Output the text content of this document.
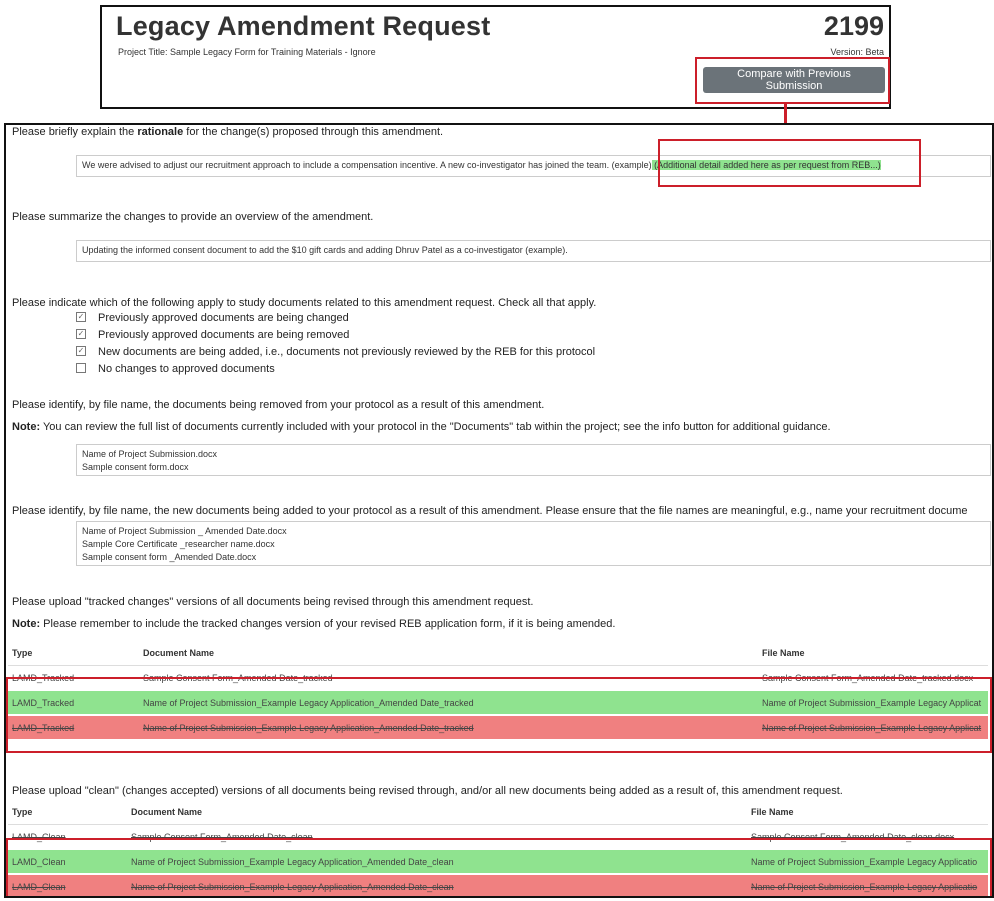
Legacy Amendment Request	2199
Project Title: Sample Legacy Form for Training Materials - Ignore	Version: Beta
Compare with Previous Submission
Please briefly explain the rationale for the change(s) proposed through this amendment.
We were advised to adjust our recruitment approach to include a compensation incentive. A new co-investigator has joined the team. (example) (Additional detail added here as per request from REB...)
Please summarize the changes to provide an overview of the amendment.
Updating the informed consent document to add the $10 gift cards and adding Dhruv Patel as a co-investigator (example).
Please indicate which of the following apply to study documents related to this amendment request. Check all that apply.
✓ Previously approved documents are being changed
✓ Previously approved documents are being removed
✓ New documents are being added, i.e., documents not previously reviewed by the REB for this protocol
No changes to approved documents
Please identify, by file name, the documents being removed from your protocol as a result of this amendment.
Note: You can review the full list of documents currently included with your protocol in the "Documents" tab within the project; see the info button for additional guidance.
Name of Project Submission.docx
Sample consent form.docx
Please identify, by file name, the new documents being added to your protocol as a result of this amendment. Please ensure that the file names are meaningful, e.g., name your recruitment docume
Name of Project Submission _ Amended Date.docx
Sample Core Certificate _researcher name.docx
Sample consent form _Amended Date.docx
Please upload "tracked changes" versions of all documents being revised through this amendment request.
Note: Please remember to include the tracked changes version of your revised REB application form, if it is being amended.
Type	Document Name	File Name
LAMD_Tracked	Sample Consent Form_Amended Date_tracked	Sample Consent Form_Amended Date_tracked.docx
LAMD_Tracked	Name of Project Submission_Example Legacy Application_Amended Date_tracked	Name of Project Submission_Example Legacy Applicat
LAMD_Tracked	Name of Project Submission_Example Legacy Application_Amended Date_tracked	Name of Project Submission_Example Legacy Applicat
Please upload "clean" (changes accepted) versions of all documents being revised through, and/or all new documents being added as a result of, this amendment request.
Type	Document Name	File Name
LAMD_Clean	Sample Consent Form_Amended Date_clean	Sample Consent Form_Amended Date_clean.docx
LAMD_Clean	Name of Project Submission_Example Legacy Application_Amended Date_clean	Name of Project Submission_Example Legacy Applicatio
LAMD_Clean	Name of Project Submission_Example Legacy Application_Amended Date_clean	Name of Project Submission_Example Legacy Applicatio
